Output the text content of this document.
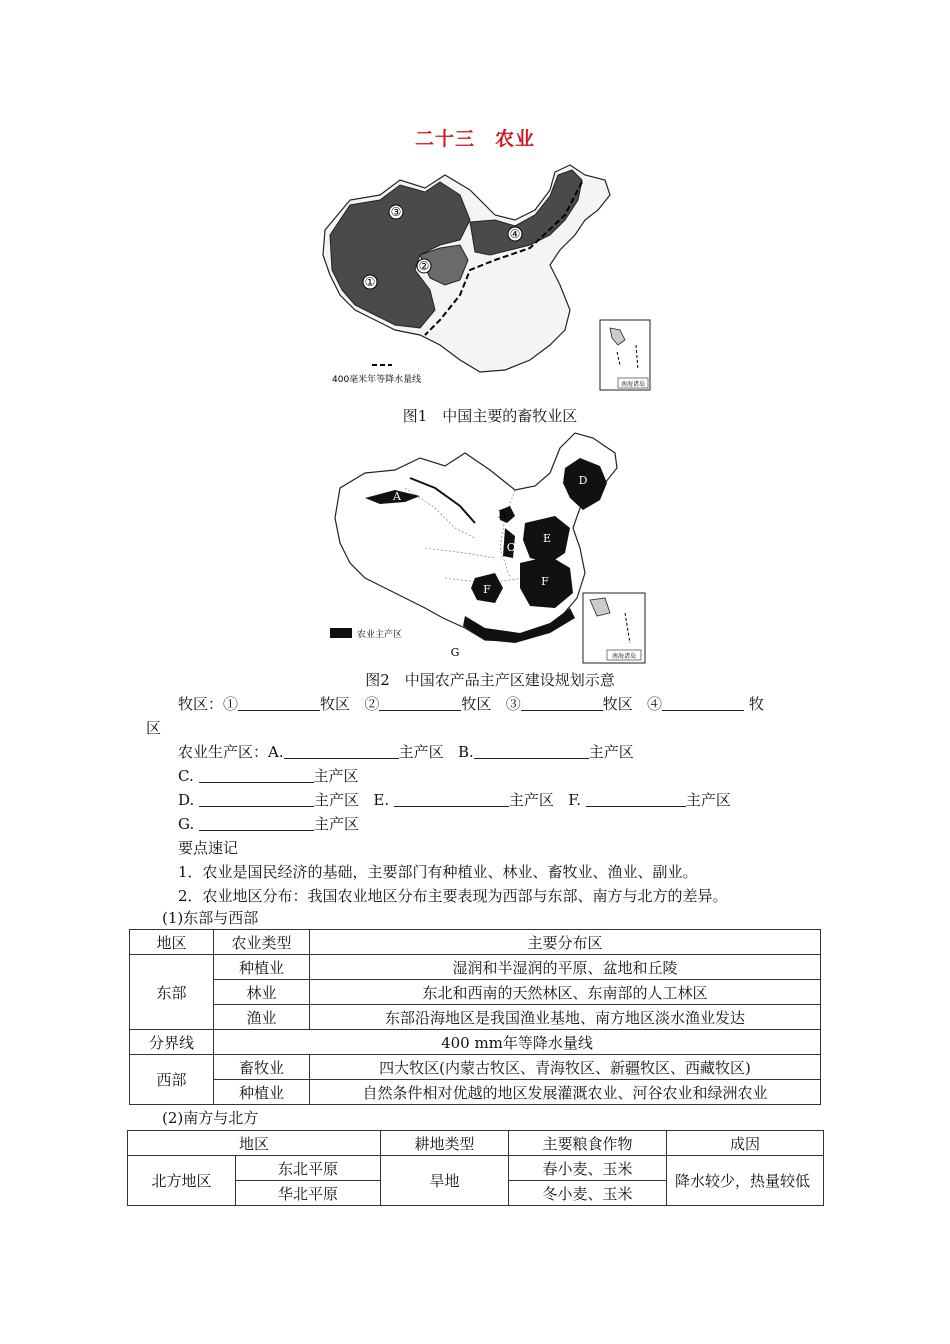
二十三　农业
③
④
②
①
400毫米年等降水量线	南海诸岛
图1　中国主要的畜牧业区
A
B
C
D
E
F
F
G
农业主产区
南海诸岛
图2　中国农产品主产区建设规划示意
牧区：①	牧区 ②	牧区 ③	牧区 ④	牧
区
农业生产区：A.	主产区 B.	主产区
C.	主产区
D.	主产区 E.	主产区 F.	主产区
G.	主产区
要点速记
1．农业是国民经济的基础，主要部门有种植业、林业、畜牧业、渔业、副业。
2．农业地区分布：我国农业地区分布主要表现为西部与东部、南方与北方的差异。
(1)东部与西部
地区	农业类型	主要分布区
东部	种植业	湿润和半湿润的平原、盆地和丘陵
	林业	东北和西南的天然林区、东南部的人工林区
	渔业	东部沿海地区是我国渔业基地、南方地区淡水渔业发达
分界线	400 mm年等降水量线	
西部	畜牧业	四大牧区(内蒙古牧区、青海牧区、新疆牧区、西藏牧区)
	种植业	自然条件相对优越的地区发展灌溉农业、河谷农业和绿洲农业
(2)南方与北方
地区		耕地类型	主要粮食作物	成因
北方地区	东北平原	旱地	春小麦、玉米	降水较少，热量较低
	华北平原		冬小麦、玉米	
